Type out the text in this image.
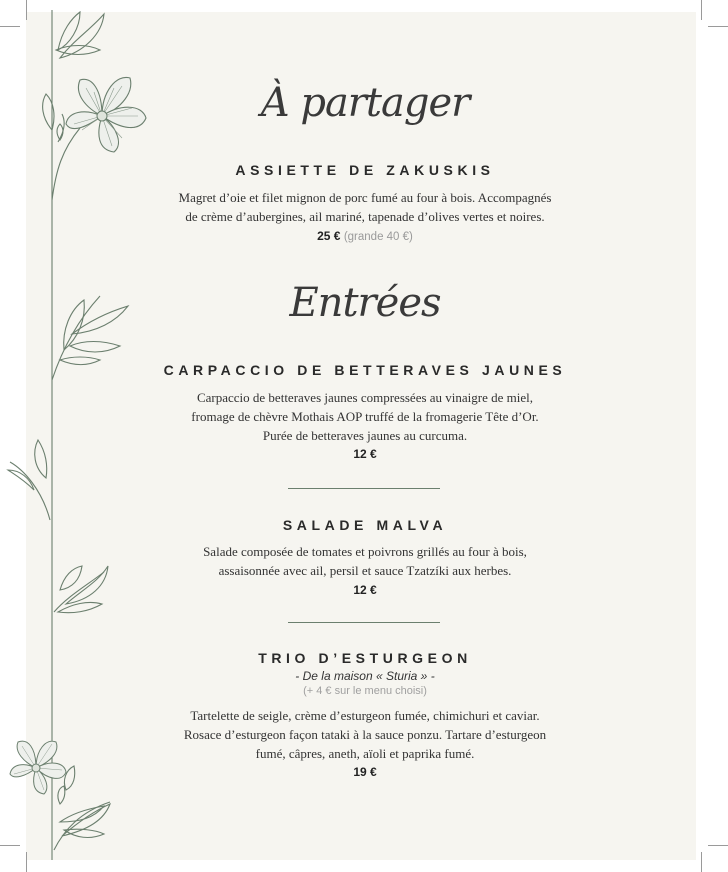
À partager
ASSIETTE DE ZAKUSKIS

Magret d’oie et filet mignon de porc fumé au four à bois. Accompagnés
de crème d’aubergines, ail mariné, tapenade d’olives vertes et noires.

25 € (grande 40 €)

Entrées
CARPACCIO DE BETTERAVES JAUNES

Carpaccio de betteraves jaunes compressées au vinaigre de miel,
fromage de chèvre Mothais AOP truffé de la fromagerie Tête d’Or.
Purée de betteraves jaunes au curcuma.

12 €

SALADE MALVA

Salade composée de tomates et poivrons grillés au four à bois,
assaisonnée avec ail, persil et sauce Tzatzíki aux herbes.

12 €

TRIO D’ESTURGEON

- De la maison « Sturia » -

(+ 4 € sur le menu choisi)

Tartelette de seigle, crème d’esturgeon fumée, chimichuri et caviar.
Rosace d’esturgeon façon tataki à la sauce ponzu. Tartare d’esturgeon
fumé, câpres, aneth, aïoli et paprika fumé.

19 €
